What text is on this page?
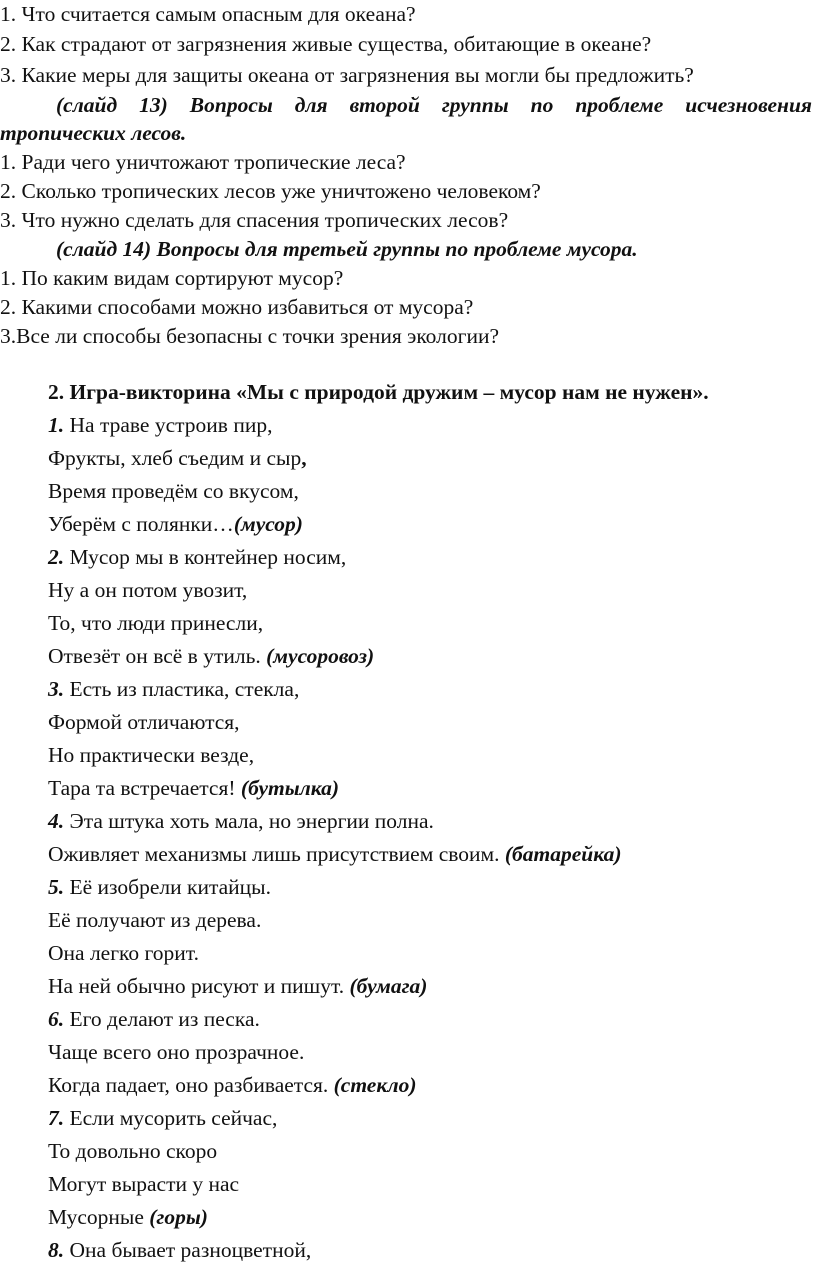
1. Что считается самым опасным для океана?
2. Как страдают от загрязнения живые существа, обитающие в океане?
3. Какие меры для защиты океана от загрязнения вы могли бы предложить?
(слайд 13) Вопросы для второй группы по проблеме исчезновения
тропических лесов.
1. Ради чего уничтожают тропические леса?
2. Сколько тропических лесов уже уничтожено человеком?
3. Что нужно сделать для спасения тропических лесов?
(слайд 14) Вопросы для третьей группы по проблеме мусора.
1. По каким видам сортируют мусор?
2. Какими способами можно избавиться от мусора?
3.Все ли способы безопасны с точки зрения экологии?
2. Игра-викторина «Мы с природой дружим – мусор нам не нужен».
1. На траве устроив пир,
Фрукты, хлеб съедим и сыр,
Время проведём со вкусом,
Уберём с полянки…(мусор)
2. Мусор мы в контейнер носим,
Ну а он потом увозит,
То, что люди принесли,
Отвезёт он всё в утиль. (мусоровоз)
3. Есть из пластика, стекла,
Формой отличаются,
Но практически везде,
Тара та встречается! (бутылка)
4. Эта штука хоть мала, но энергии полна.
Оживляет механизмы лишь присутствием своим. (батарейка)
5. Её изобрели китайцы.
Её получают из дерева.
Она легко горит.
На ней обычно рисуют и пишут. (бумага)
6. Его делают из песка.
Чаще всего оно прозрачное.
Когда падает, оно разбивается. (стекло)
7. Если мусорить сейчас,
То довольно скоро
Могут вырасти у нас
Мусорные (горы)
8. Она бывает разноцветной,
